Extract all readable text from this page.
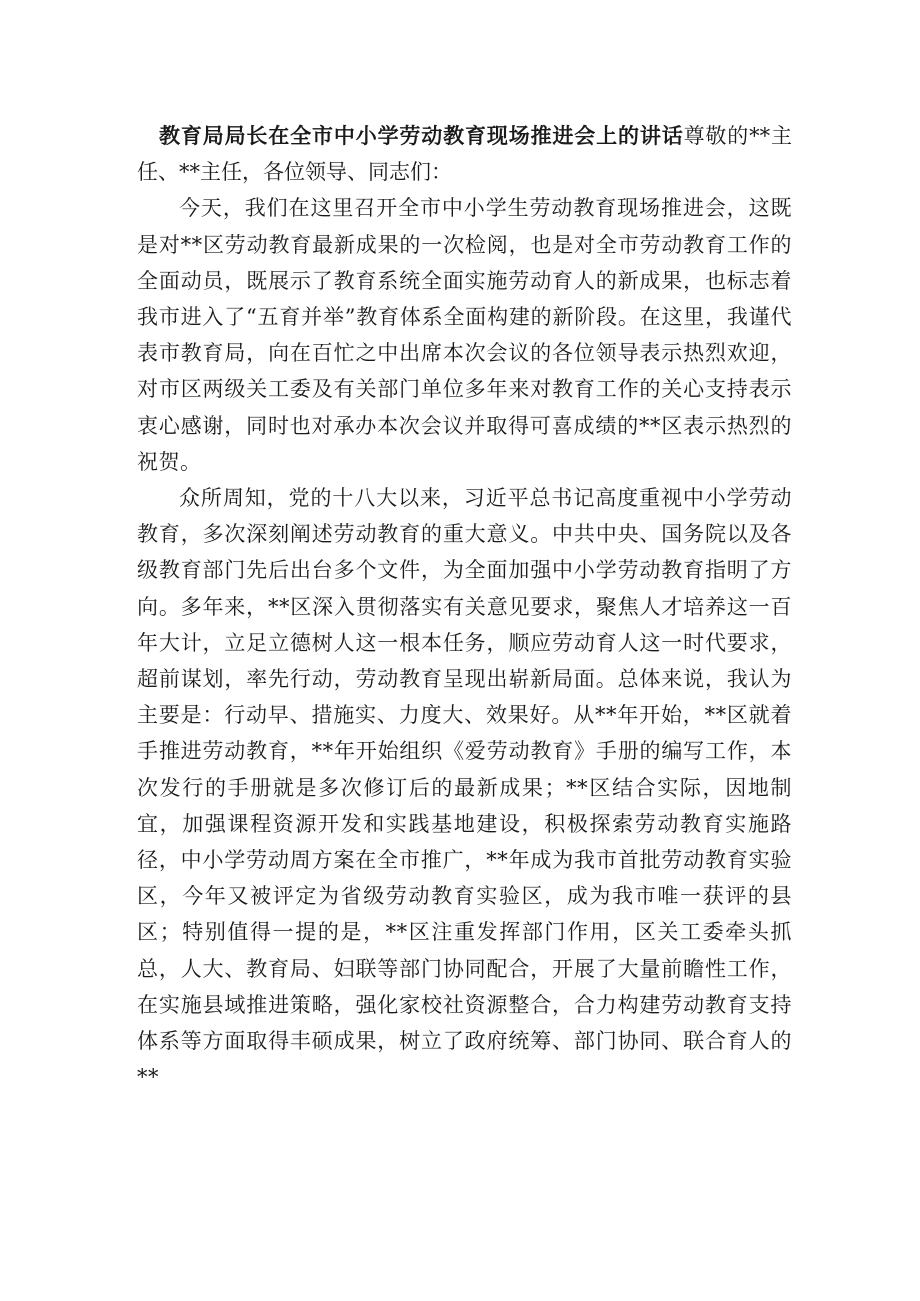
教育局局长在全市中小学劳动教育现场推进会上的讲话尊敬的**主任、**主任，各位领导、同志们：

今天，我们在这里召开全市中小学生劳动教育现场推进会，这既是对**区劳动教育最新成果的一次检阅，也是对全市劳动教育工作的全面动员，既展示了教育系统全面实施劳动育人的新成果，也标志着我市进入了“五育并举”教育体系全面构建的新阶段。在这里，我谨代表市教育局，向在百忙之中出席本次会议的各位领导表示热烈欢迎，对市区两级关工委及有关部门单位多年来对教育工作的关心支持表示衷心感谢，同时也对承办本次会议并取得可喜成绩的**区表示热烈的祝贺。

众所周知，党的十八大以来，习近平总书记高度重视中小学劳动教育，多次深刻阐述劳动教育的重大意义。中共中央、国务院以及各级教育部门先后出台多个文件，为全面加强中小学劳动教育指明了方向。多年来，**区深入贯彻落实有关意见要求，聚焦人才培养这一百年大计，立足立德树人这一根本任务，顺应劳动育人这一时代要求，超前谋划，率先行动，劳动教育呈现出崭新局面。总体来说，我认为主要是：行动早、措施实、力度大、效果好。从**年开始，**区就着手推进劳动教育，**年开始组织《爱劳动教育》手册的编写工作，本次发行的手册就是多次修订后的最新成果；**区结合实际，因地制宜，加强课程资源开发和实践基地建设，积极探索劳动教育实施路径，中小学劳动周方案在全市推广，**年成为我市首批劳动教育实验区，今年又被评定为省级劳动教育实验区，成为我市唯一获评的县区；特别值得一提的是，**区注重发挥部门作用，区关工委牵头抓总，人大、教育局、妇联等部门协同配合，开展了大量前瞻性工作，在实施县域推进策略，强化家校社资源整合，合力构建劳动教育支持体系等方面取得丰硕成果，树立了政府统筹、部门协同、联合育人的**
